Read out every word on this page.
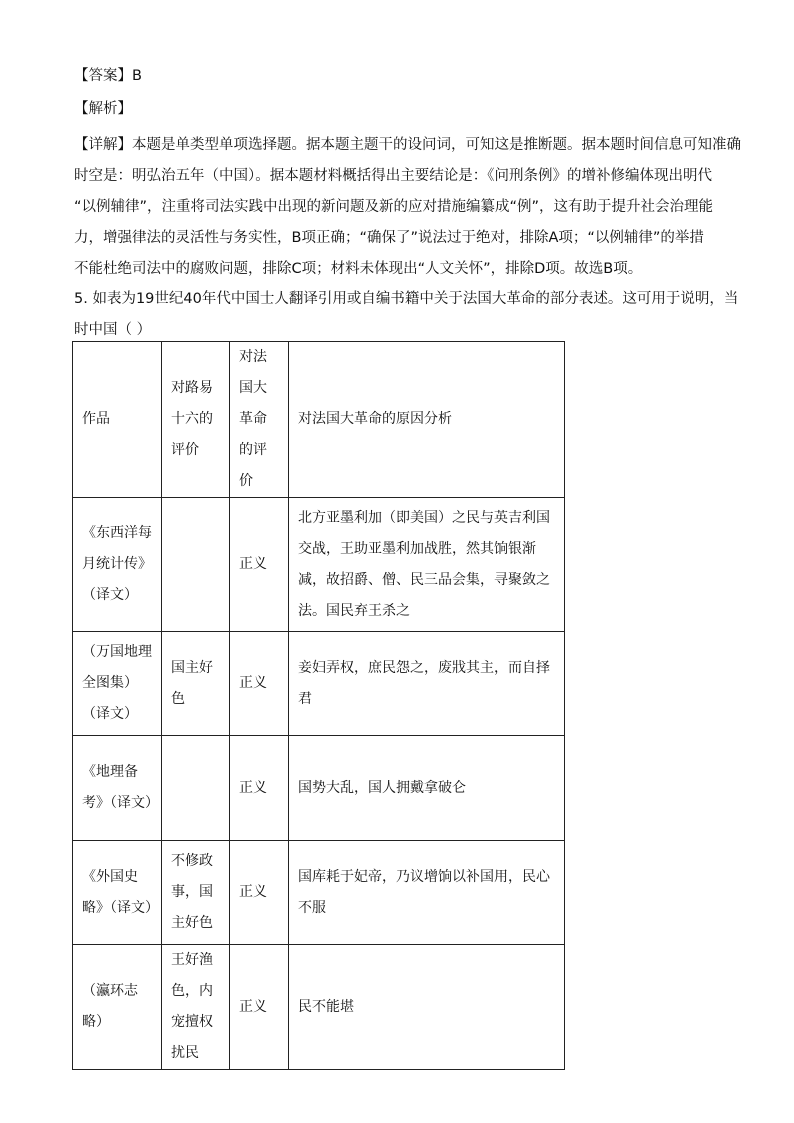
【答案】B
【解析】
【详解】本题是单类型单项选择题。据本题主题干的设问词，可知这是推断题。据本题时间信息可知准确
时空是：明弘治五年（中国）。据本题材料概括得出主要结论是：《问刑条例》的增补修编体现出明代
“以例辅律”，注重将司法实践中出现的新问题及新的应对措施编纂成“例”，这有助于提升社会治理能
力，增强律法的灵活性与务实性，B项正确；“确保了”说法过于绝对，排除A项；“以例辅律”的举措
不能杜绝司法中的腐败问题，排除C项；材料未体现出“人文关怀”，排除D项。故选B项。
5. 如表为19世纪40年代中国士人翻译引用或自编书籍中关于法国大革命的部分表述。这可用于说明，当
时中国（ ）
作品	对路易十六的评价	对法国大革命的评价	对法国大革命的原因分析
《东西洋每月统计传》（译文）		正义	北方亚墨利加（即美国）之民与英吉利国交战，王助亚墨利加战胜，然其饷银渐减，故招爵、僧、民三品会集，寻聚敛之法。国民弃王杀之
（万国地理全图集）（译文）	国主好色	正义	妾妇弄权，庶民怨之，废戕其主，而自择君
《地理备考》（译文）		正义	国势大乱，国人拥戴拿破仑
《外国史略》（译文）	不修政事，国主好色	正义	国库耗于妃帝，乃议增饷以补国用，民心不服
（瀛环志略）	王好渔色，内宠擅权扰民	正义	民不能堪
